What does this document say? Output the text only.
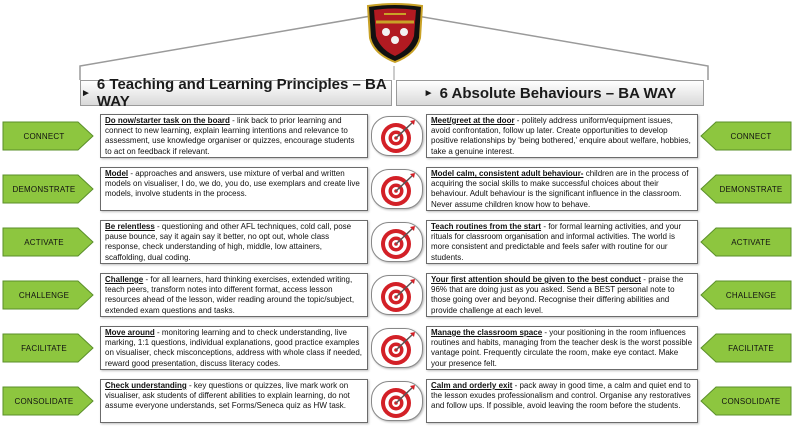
► 6 Teaching and Learning Principles – BA WAY	► 6 Absolute Behaviours – BA WAY
CONNECT
Do now/starter task on the board - link back to prior learning and connect to new learning, explain learning intentions and relevance to assessment, use knowledge organiser or quizzes, encourage students to act on feedback if relevant.
Meet/greet at the door - politely address uniform/equipment issues, avoid confrontation, follow up later. Create opportunities to develop positive relationships by ‘being bothered,’ enquire about welfare, hobbies, take a genuine interest.
CONNECT
DEMONSTRATE
Model - approaches and answers, use mixture of verbal and written models on visualiser, I do, we do, you do, use exemplars and create live models, involve students in the process.
Model calm, consistent adult behaviour- children are in the process of acquiring the social skills to make successful choices about their behaviour. Adult behaviour is the significant influence in the classroom. Never assume children know how to behave.
DEMONSTRATE
ACTIVATE
Be relentless - questioning and other AFL techniques, cold call, pose pause bounce, say it again say it better, no opt out, whole class response, check understanding of high, middle, low attainers, scaffolding, dual coding.
Teach routines from the start - for formal learning activities, and your rituals for classroom organisation and informal activities. The world is more consistent and predictable and feels safer with routine for our students.
ACTIVATE
CHALLENGE
Challenge - for all learners, hard thinking exercises, extended writing, teach peers, transform notes into different format, access lesson resources ahead of the lesson, wider reading around the topic/subject, extended exam questions and tasks.
Your first attention should be given to the best conduct - praise the 96% that are doing just as you asked. Send a BEST personal note to those going over and beyond. Recognise their differing abilities and provide challenge at each level.
CHALLENGE
FACILITATE
Move around - monitoring learning and to check understanding, live marking, 1:1 questions, individual explanations, good practice examples on visualiser, check misconceptions, address with whole class if needed, reward good presentation, discuss literacy codes.
Manage the classroom space - your positioning in the room influences routines and habits, managing from the teacher desk is the worst possible vantage point. Frequently circulate the room, make eye contact. Make your presence felt.
FACILITATE
CONSOLIDATE
Check understanding - key questions or quizzes, live mark work on visualiser, ask students of different abilities to explain learning, do not assume everyone understands, set Forms/Seneca quiz as HW task.
Calm and orderly exit - pack away in good time, a calm and quiet end to the lesson exudes professionalism and control. Organise any restoratives and follow ups. If possible, avoid leaving the room before the students.
CONSOLIDATE
